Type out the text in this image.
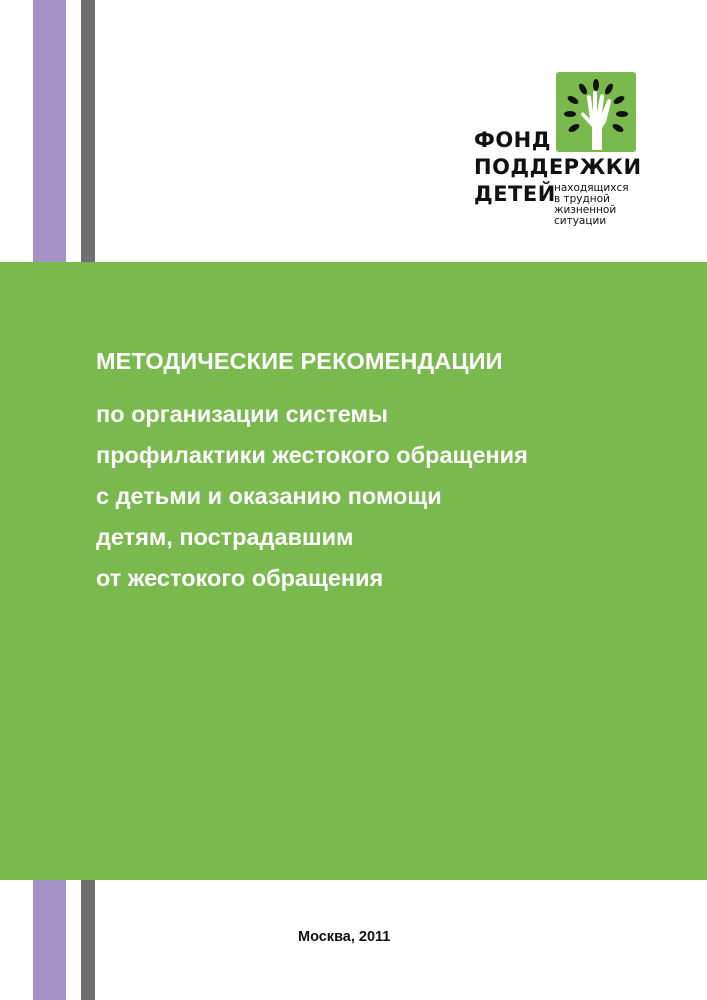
ФОНД
ПОДДЕРЖКИ
ДЕТЕЙ
находящихся
в трудной
жизненной
ситуации
МЕТОДИЧЕСКИЕ РЕКОМЕНДАЦИИ
по организации системы
профилактики жестокого обращения
с детьми и оказанию помощи
детям, пострадавшим
от жестокого обращения
Москва, 2011
